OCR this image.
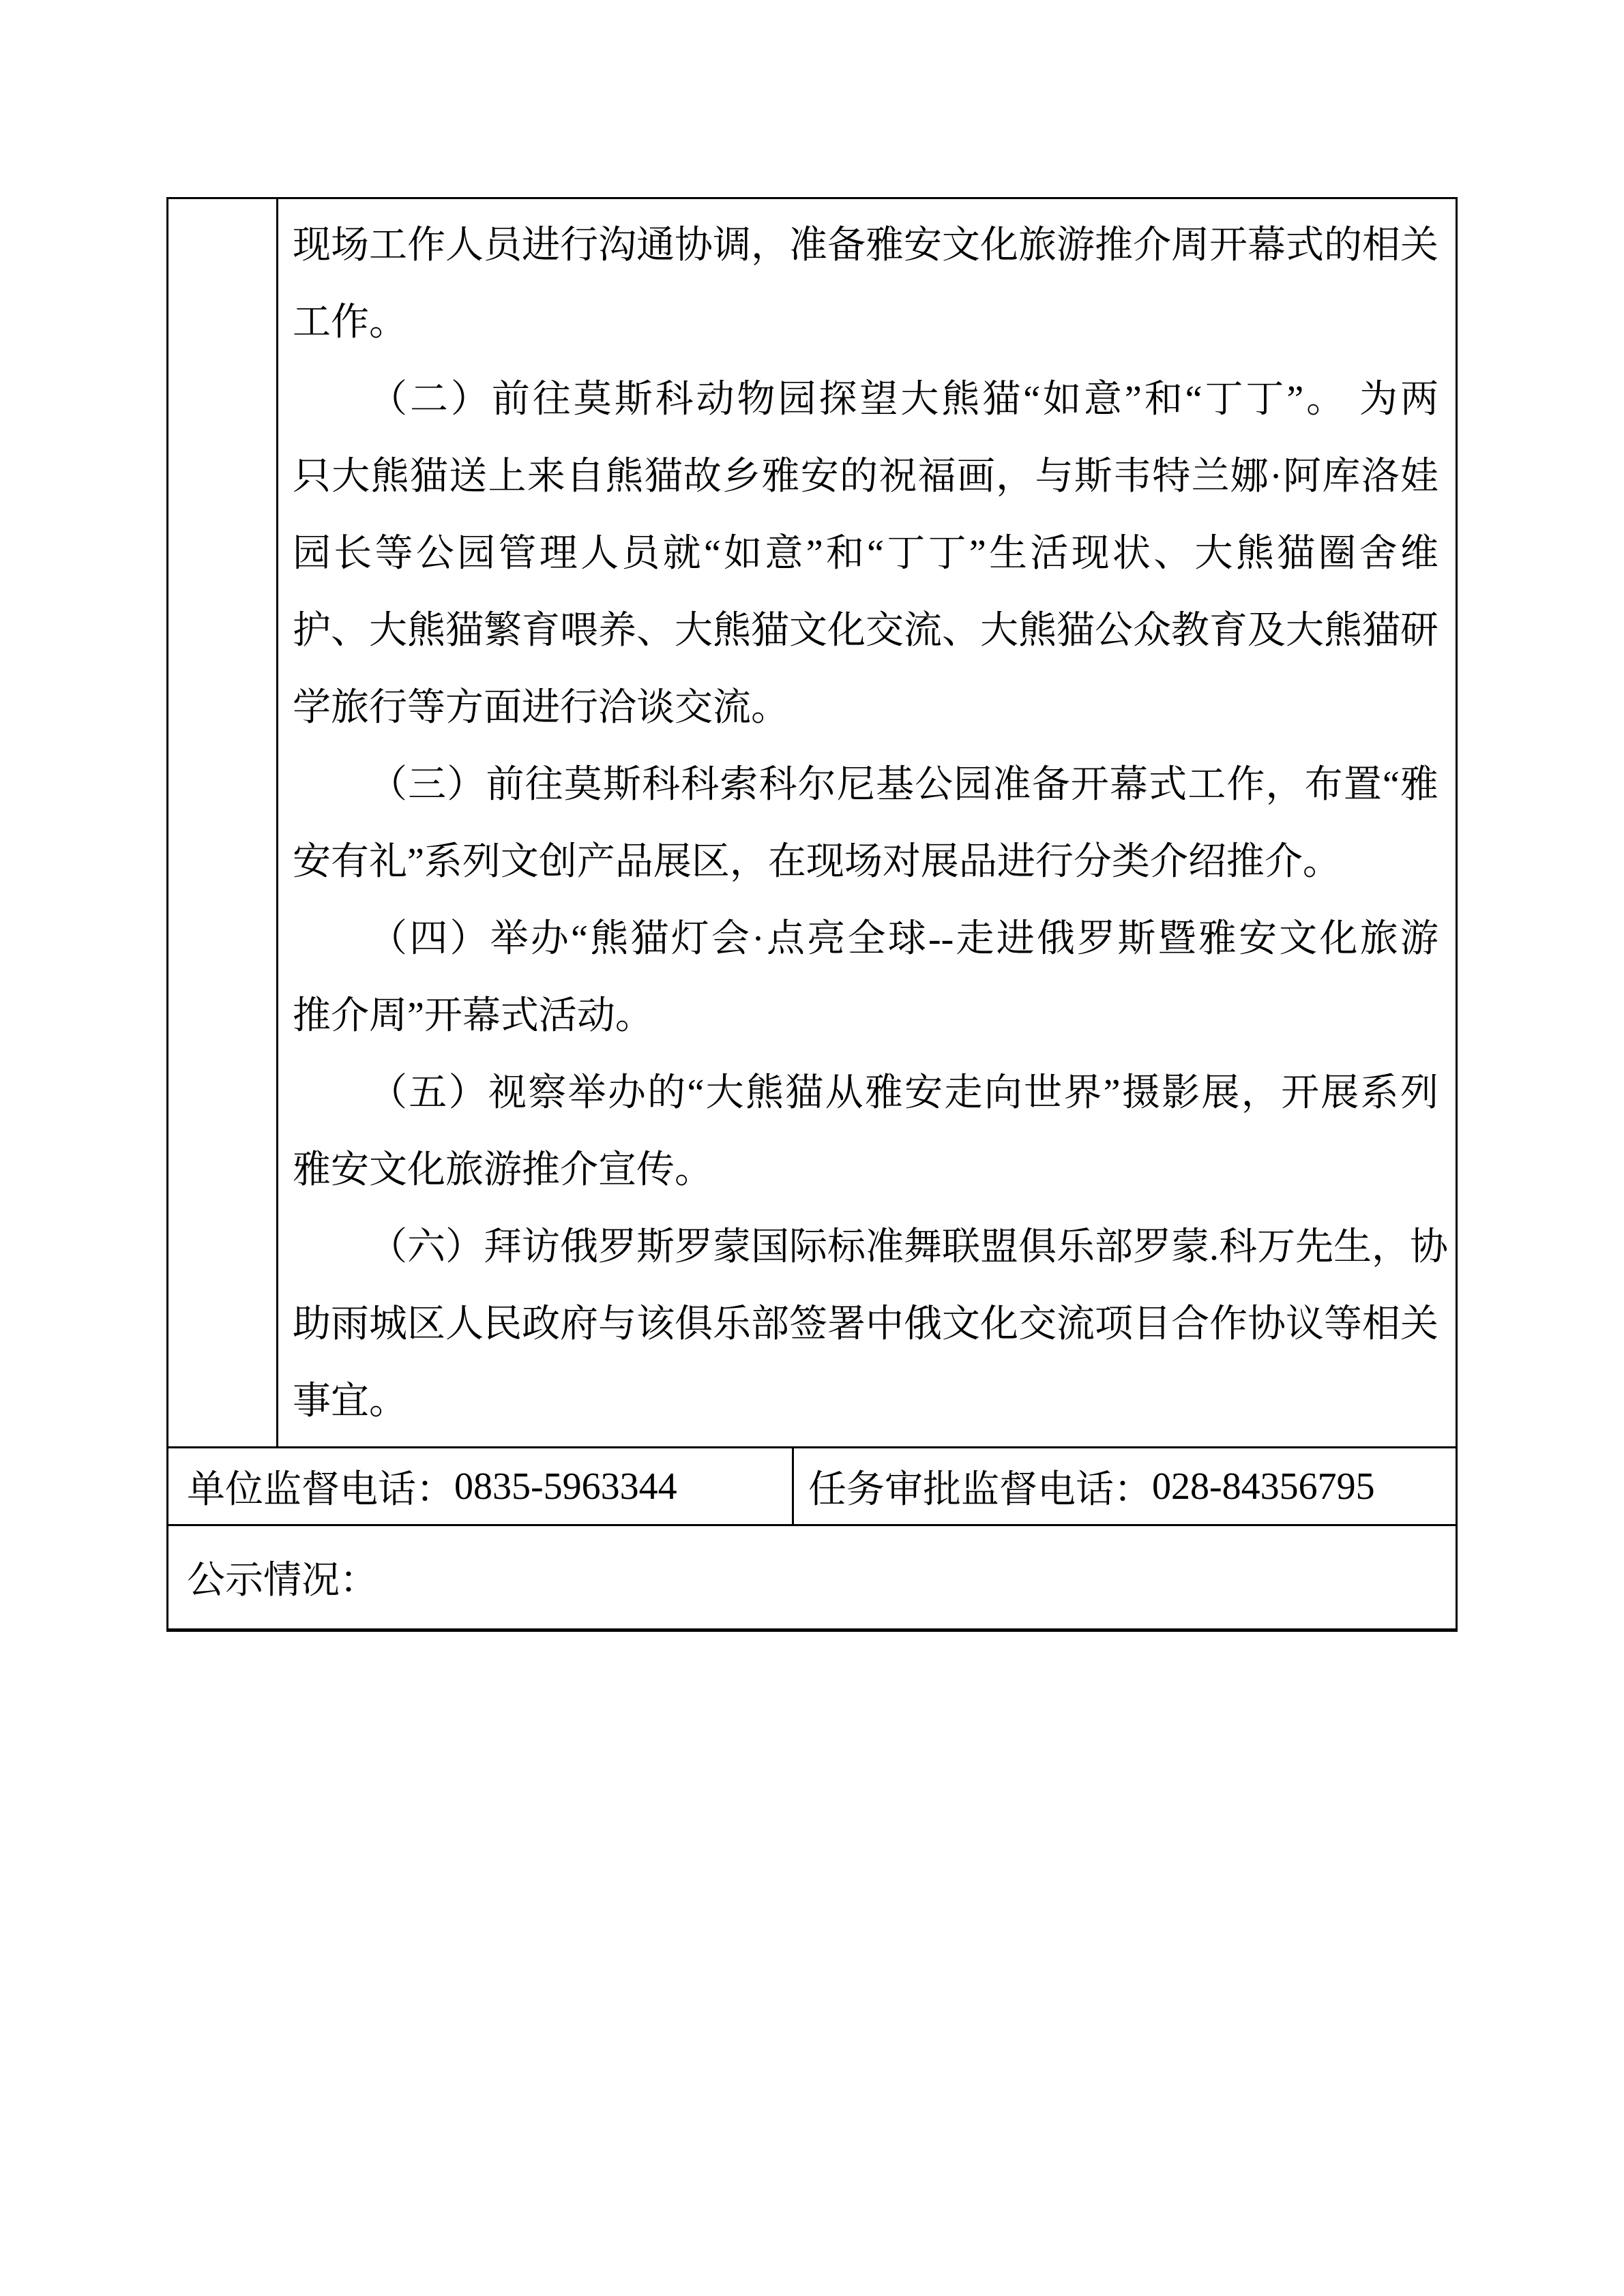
现场工作人员进行沟通协调，准备雅安文化旅游推介周开幕式的相关
工作。
（二）前往莫斯科动物园探望大熊猫“如意”和“丁丁”。 为两
只大熊猫送上来自熊猫故乡雅安的祝福画，与斯韦特兰娜·阿库洛娃
园长等公园管理人员就“如意”和“丁丁”生活现状、大熊猫圈舍维
护、大熊猫繁育喂养、大熊猫文化交流、大熊猫公众教育及大熊猫研
学旅行等方面进行洽谈交流。
（三）前往莫斯科科索科尔尼基公园准备开幕式工作，布置“雅
安有礼”系列文创产品展区，在现场对展品进行分类介绍推介。
（四）举办“熊猫灯会·点亮全球--走进俄罗斯暨雅安文化旅游
推介周”开幕式活动。
（五）视察举办的“大熊猫从雅安走向世界”摄影展，开展系列
雅安文化旅游推介宣传。
（六）拜访俄罗斯罗蒙国际标准舞联盟俱乐部罗蒙.科万先生，协
助雨城区人民政府与该俱乐部签署中俄文化交流项目合作协议等相关
事宜。
单位监督电话： 0835-5963344	任务审批监督电话： 028-84356795
公示情况：
